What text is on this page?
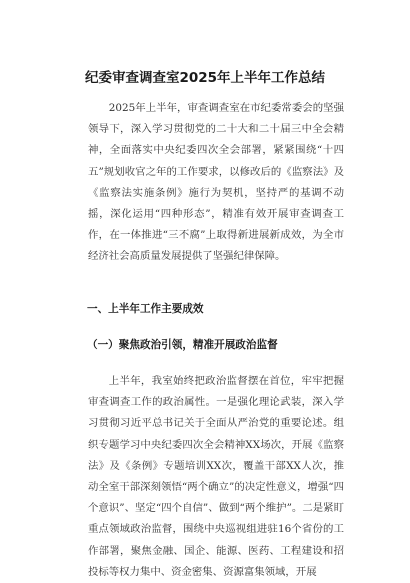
纪委审查调查室2025年上半年工作总结

2025年上半年，审查调查室在市纪委常委会的坚强领导下，深入学习贯彻党的二十大和二十届三中全会精神，全面落实中央纪委四次全会部署，紧紧围绕“十四五”规划收官之年的工作要求，以修改后的《监察法》及《监察法实施条例》施行为契机，坚持严的基调不动摇，深化运用“四种形态”，精准有效开展审查调查工作，在一体推进“三不腐”上取得新进展新成效，为全市经济社会高质量发展提供了坚强纪律保障。

一、上半年工作主要成效
（一）聚焦政治引领，精准开展政治监督

上半年，我室始终把政治监督摆在首位，牢牢把握审查调查工作的政治属性。一是强化理论武装，深入学习贯彻习近平总书记关于全面从严治党的重要论述。组织专题学习中央纪委四次全会精神XX场次，开展《监察法》及《条例》专题培训XX次，覆盖干部XX人次，推动全室干部深刻领悟“两个确立”的决定性意义，增强“四个意识”、坚定“四个自信”、做到“两个维护”。二是紧盯重点领域政治监督，围绕中央巡视组进驻16个省份的工作部署，聚焦金融、国企、能源、医药、工程建设和招投标等权力集中、资金密集、资源富集领域，开展
